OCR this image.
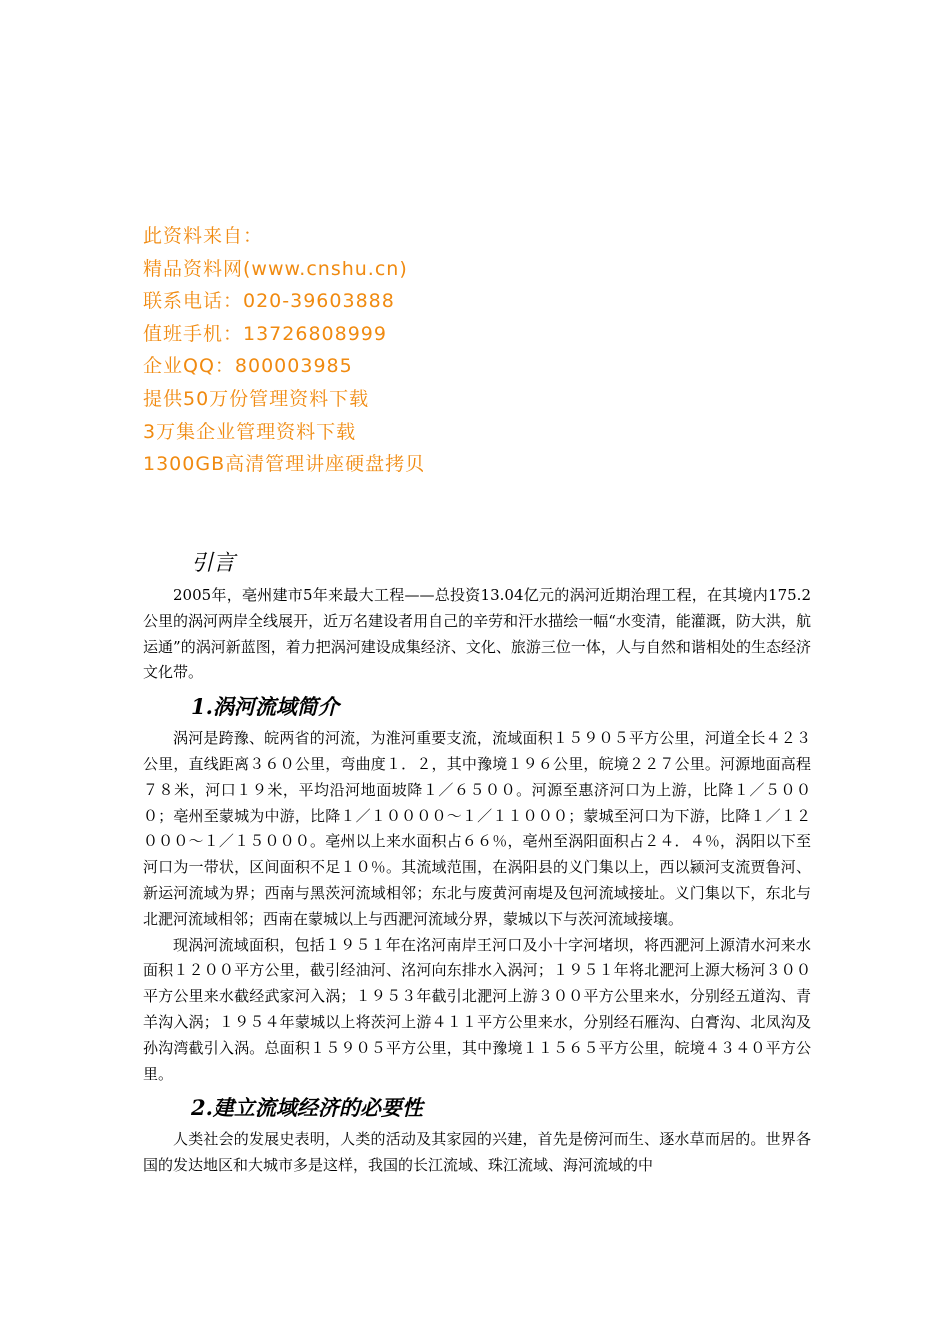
此资料来自：
精品资料网(www.cnshu.cn)
联系电话：020-39603888
值班手机：13726808999
企业QQ：800003985
提供50万份管理资料下载
3万集企业管理资料下载
1300GB高清管理讲座硬盘拷贝
引言

2005年，亳州建市5年来最大工程——总投资13.04亿元的涡河近期治理工程，在其境内175.2公里的涡河两岸全线展开，近万名建设者用自己的辛劳和汗水描绘一幅“水变清，能灌溉，防大洪，航运通”的涡河新蓝图，着力把涡河建设成集经济、文化、旅游三位一体，人与自然和谐相处的生态经济文化带。

1.涡河流域简介

涡河是跨豫、皖两省的河流，为淮河重要支流，流域面积１５９０５平方公里，河道全长４２３公里，直线距离３６０公里，弯曲度１．２，其中豫境１９６公里，皖境２２７公里。河源地面高程７８米，河口１９米，平均沿河地面坡降１／６５００。河源至惠济河口为上游，比降１／５０００；亳州至蒙城为中游，比降１／１００００～１／１１０００；蒙城至河口为下游，比降１／１２０００～１／１５０００。亳州以上来水面积占６６％，亳州至涡阳面积占２４．４％，涡阳以下至河口为一带状，区间面积不足１０％。其流域范围，在涡阳县的义门集以上，西以颍河支流贾鲁河、新运河流域为界；西南与黑茨河流域相邻；东北与废黄河南堤及包河流域接址。义门集以下，东北与北淝河流域相邻；西南在蒙城以上与西淝河流域分界，蒙城以下与茨河流域接壤。

现涡河流域面积，包括１９５１年在洺河南岸王河口及小十字河堵坝，将西淝河上源清水河来水面积１２００平方公里，截引经油河、洺河向东排水入涡河；１９５１年将北淝河上源大杨河３００平方公里来水截经武家河入涡；１９５３年截引北淝河上游３００平方公里来水，分别经五道沟、青羊沟入涡；１９５４年蒙城以上将茨河上游４１１平方公里来水，分别经石雁沟、白膏沟、北凤沟及孙沟湾截引入涡。总面积１５９０５平方公里，其中豫境１１５６５平方公里，皖境４３４０平方公里。

2.建立流域经济的必要性

人类社会的发展史表明，人类的活动及其家园的兴建，首先是傍河而生、逐水草而居的。世界各国的发达地区和大城市多是这样，我国的长江流域、珠江流域、海河流域的中
